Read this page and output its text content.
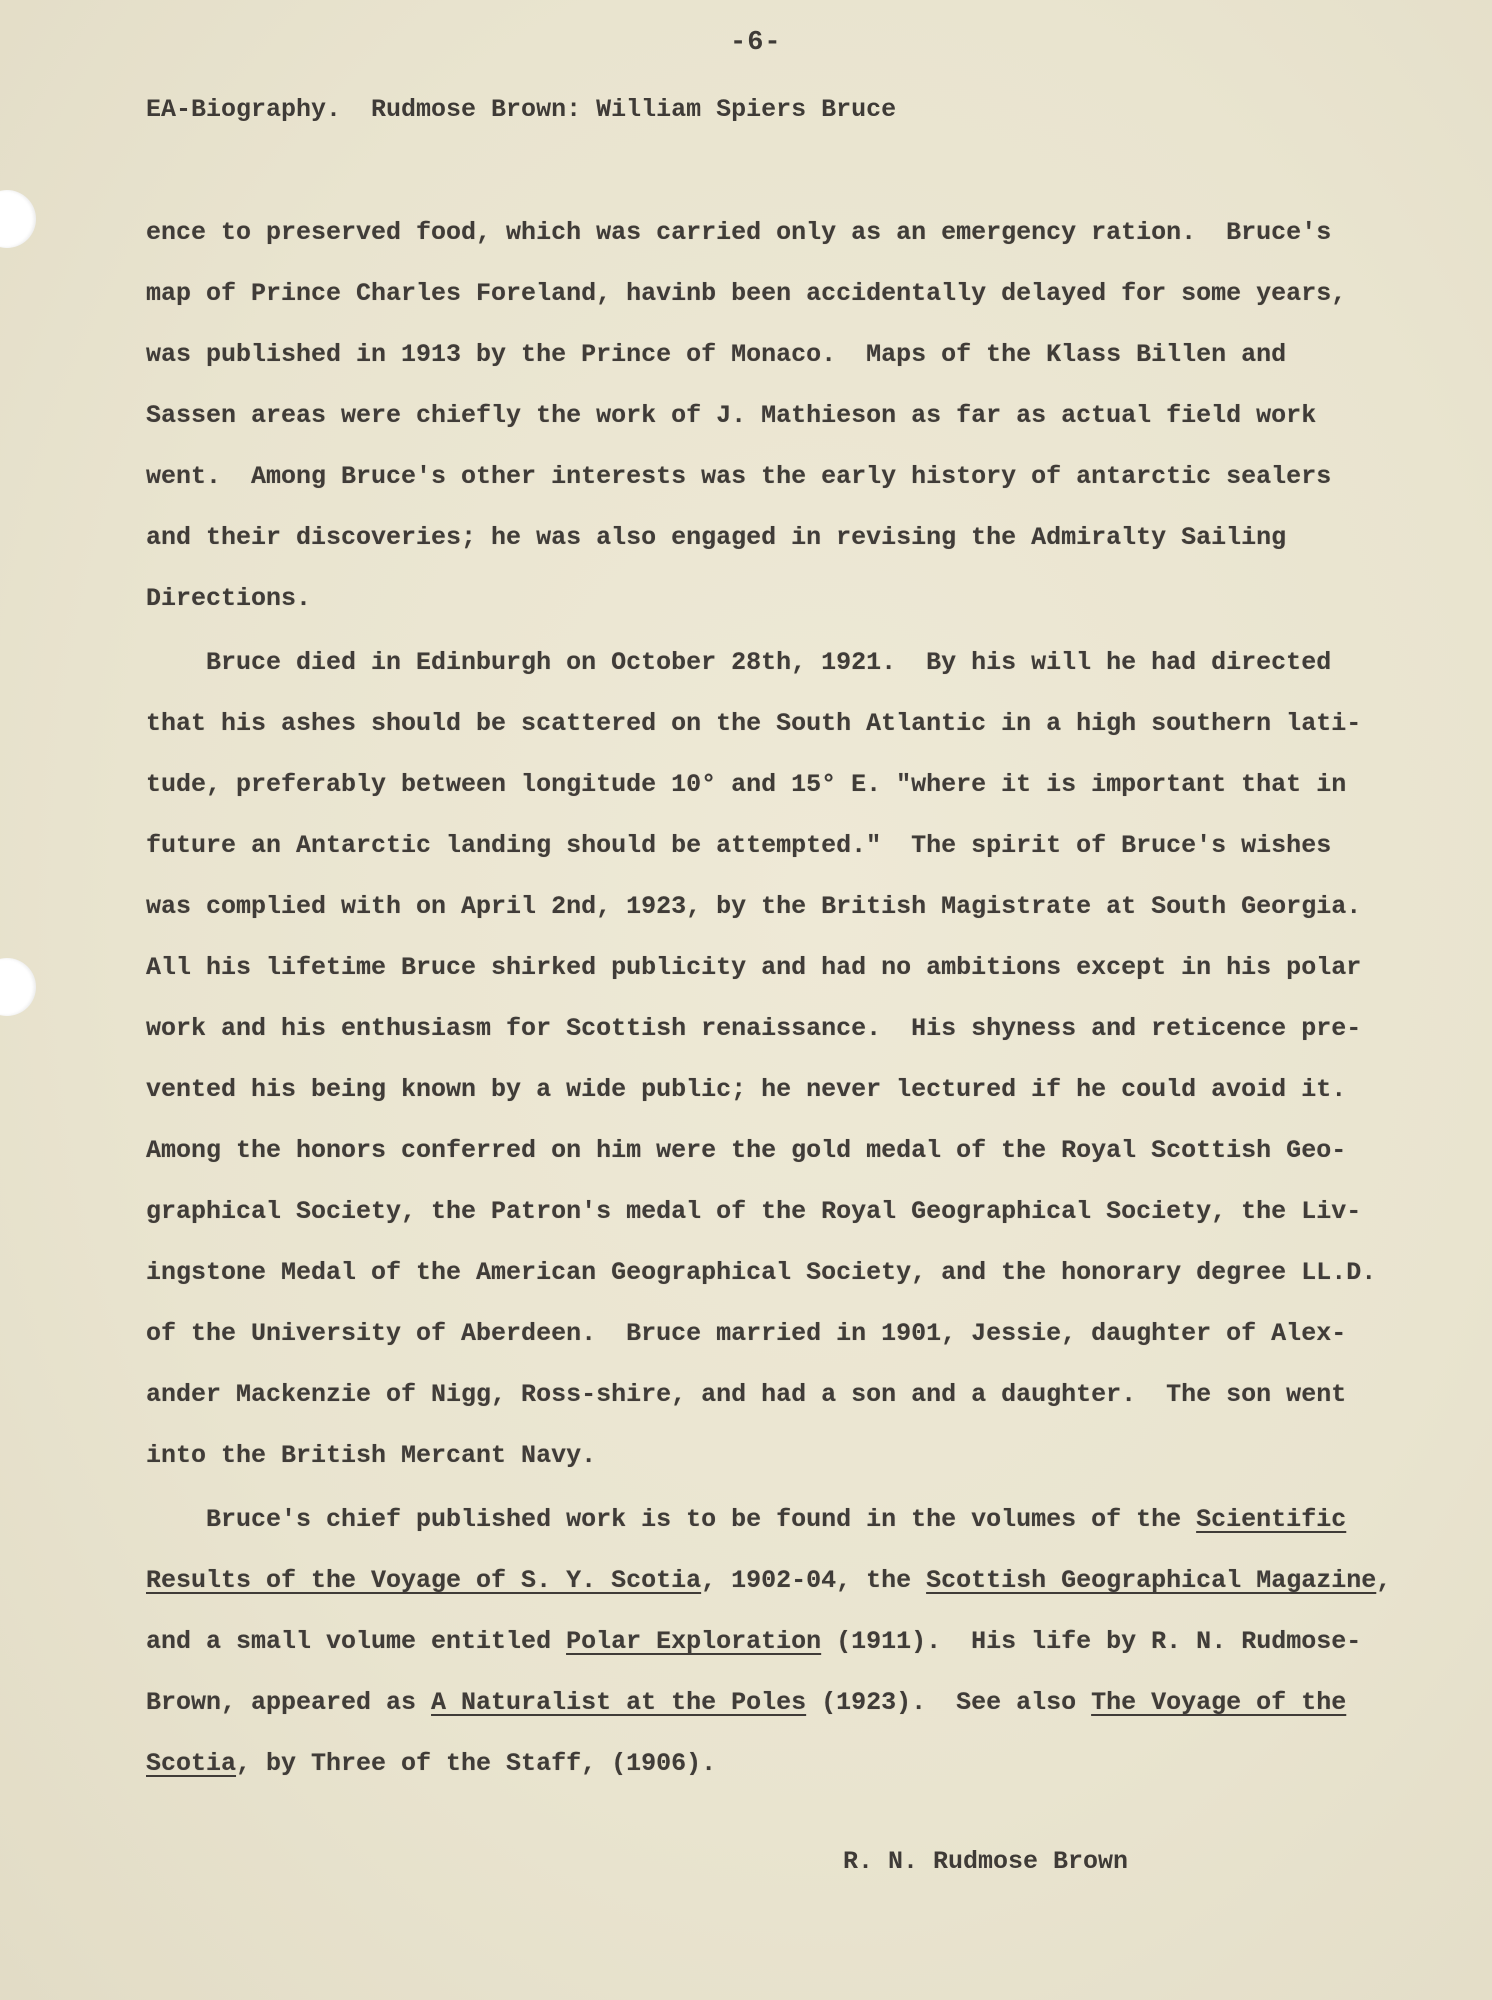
-6-
EA-Biography.  Rudmose Brown: William Spiers Bruce
ence to preserved food, which was carried only as an emergency ration.  Bruce's
map of Prince Charles Foreland, havinb been accidentally delayed for some years,
was published in 1913 by the Prince of Monaco.  Maps of the Klass Billen and
Sassen areas were chiefly the work of J. Mathieson as far as actual field work
went.  Among Bruce's other interests was the early history of antarctic sealers
and their discoveries; he was also engaged in revising the Admiralty Sailing
Directions.
Bruce died in Edinburgh on October 28th, 1921.  By his will he had directed
that his ashes should be scattered on the South Atlantic in a high southern lati-
tude, preferably between longitude 10° and 15° E. "where it is important that in
future an Antarctic landing should be attempted."  The spirit of Bruce's wishes
was complied with on April 2nd, 1923, by the British Magistrate at South Georgia.
All his lifetime Bruce shirked publicity and had no ambitions except in his polar
work and his enthusiasm for Scottish renaissance.  His shyness and reticence pre-
vented his being known by a wide public; he never lectured if he could avoid it.
Among the honors conferred on him were the gold medal of the Royal Scottish Geo-
graphical Society, the Patron's medal of the Royal Geographical Society, the Liv-
ingstone Medal of the American Geographical Society, and the honorary degree LL.D.
of the University of Aberdeen.  Bruce married in 1901, Jessie, daughter of Alex-
ander Mackenzie of Nigg, Ross-shire, and had a son and a daughter.  The son went
into the British Mercant Navy.
Bruce's chief published work is to be found in the volumes of the Scientific
Results of the Voyage of S. Y. Scotia, 1902-04, the Scottish Geographical Magazine,
and a small volume entitled Polar Exploration (1911).  His life by R. N. Rudmose-
Brown, appeared as A Naturalist at the Poles (1923).  See also The Voyage of the
Scotia, by Three of the Staff, (1906).
R. N. Rudmose Brown
